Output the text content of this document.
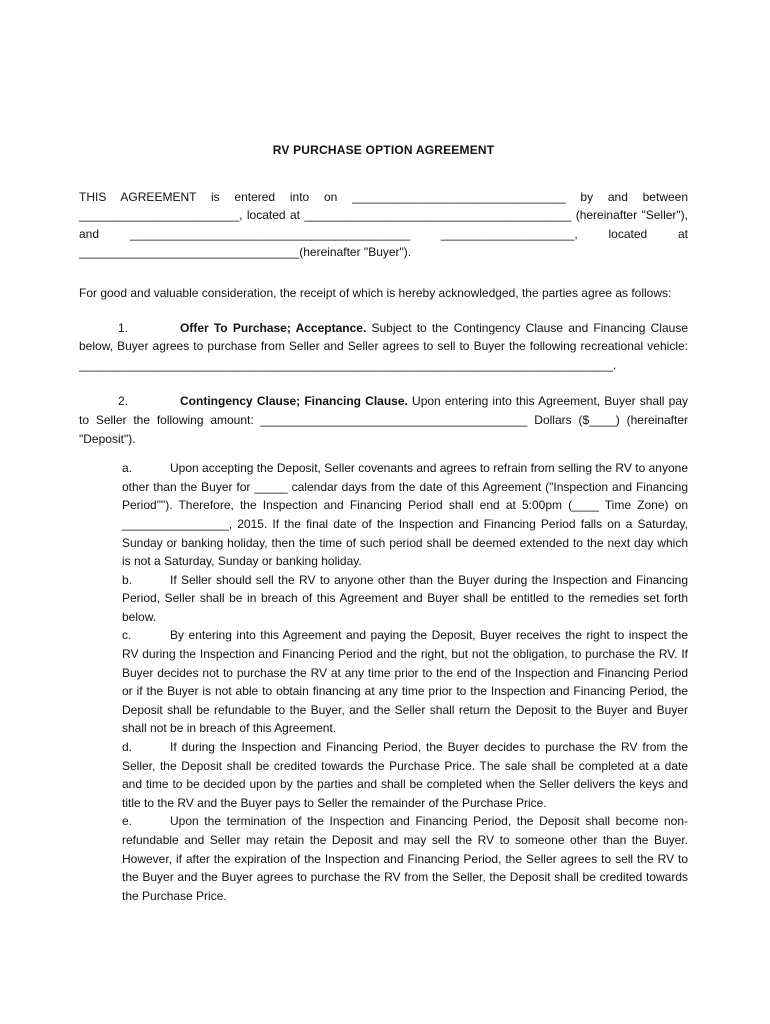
RV PURCHASE OPTION AGREEMENT

THIS AGREEMENT is entered into on ________________________________ by and between ________________________, located at ________________________________________ (hereinafter "Seller"), and __________________________________________ ____________________, located at _________________________________(hereinafter "Buyer").

For good and valuable consideration, the receipt of which is hereby acknowledged, the parties agree as follows:

1.	Offer To Purchase; Acceptance. Subject to the Contingency Clause and Financing Clause below, Buyer agrees to purchase from Seller and Seller agrees to sell to Buyer the following recreational vehicle: ________________________________________________________________________________.

2.	Contingency Clause; Financing Clause. Upon entering into this Agreement, Buyer shall pay to Seller the following amount: ________________________________________ Dollars ($____) (hereinafter "Deposit").

a.	Upon accepting the Deposit, Seller covenants and agrees to refrain from selling the RV to anyone other than the Buyer for _____ calendar days from the date of this Agreement ("Inspection and Financing Period""). Therefore, the Inspection and Financing Period shall end at 5:00pm (____ Time Zone) on ________________, 2015. If the final date of the Inspection and Financing Period falls on a Saturday, Sunday or banking holiday, then the time of such period shall be deemed extended to the next day which is not a Saturday, Sunday or banking holiday.

b.	If Seller should sell the RV to anyone other than the Buyer during the Inspection and Financing Period, Seller shall be in breach of this Agreement and Buyer shall be entitled to the remedies set forth below.

c.	By entering into this Agreement and paying the Deposit, Buyer receives the right to inspect the RV during the Inspection and Financing Period and the right, but not the obligation, to purchase the RV. If Buyer decides not to purchase the RV at any time prior to the end of the Inspection and Financing Period or if the Buyer is not able to obtain financing at any time prior to the Inspection and Financing Period, the Deposit shall be refundable to the Buyer, and the Seller shall return the Deposit to the Buyer and Buyer shall not be in breach of this Agreement.

d.	If during the Inspection and Financing Period, the Buyer decides to purchase the RV from the Seller, the Deposit shall be credited towards the Purchase Price. The sale shall be completed at a date and time to be decided upon by the parties and shall be completed when the Seller delivers the keys and title to the RV and the Buyer pays to Seller the remainder of the Purchase Price.

e.	Upon the termination of the Inspection and Financing Period, the Deposit shall become non-refundable and Seller may retain the Deposit and may sell the RV to someone other than the Buyer. However, if after the expiration of the Inspection and Financing Period, the Seller agrees to sell the RV to the Buyer and the Buyer agrees to purchase the RV from the Seller, the Deposit shall be credited towards the Purchase Price.
